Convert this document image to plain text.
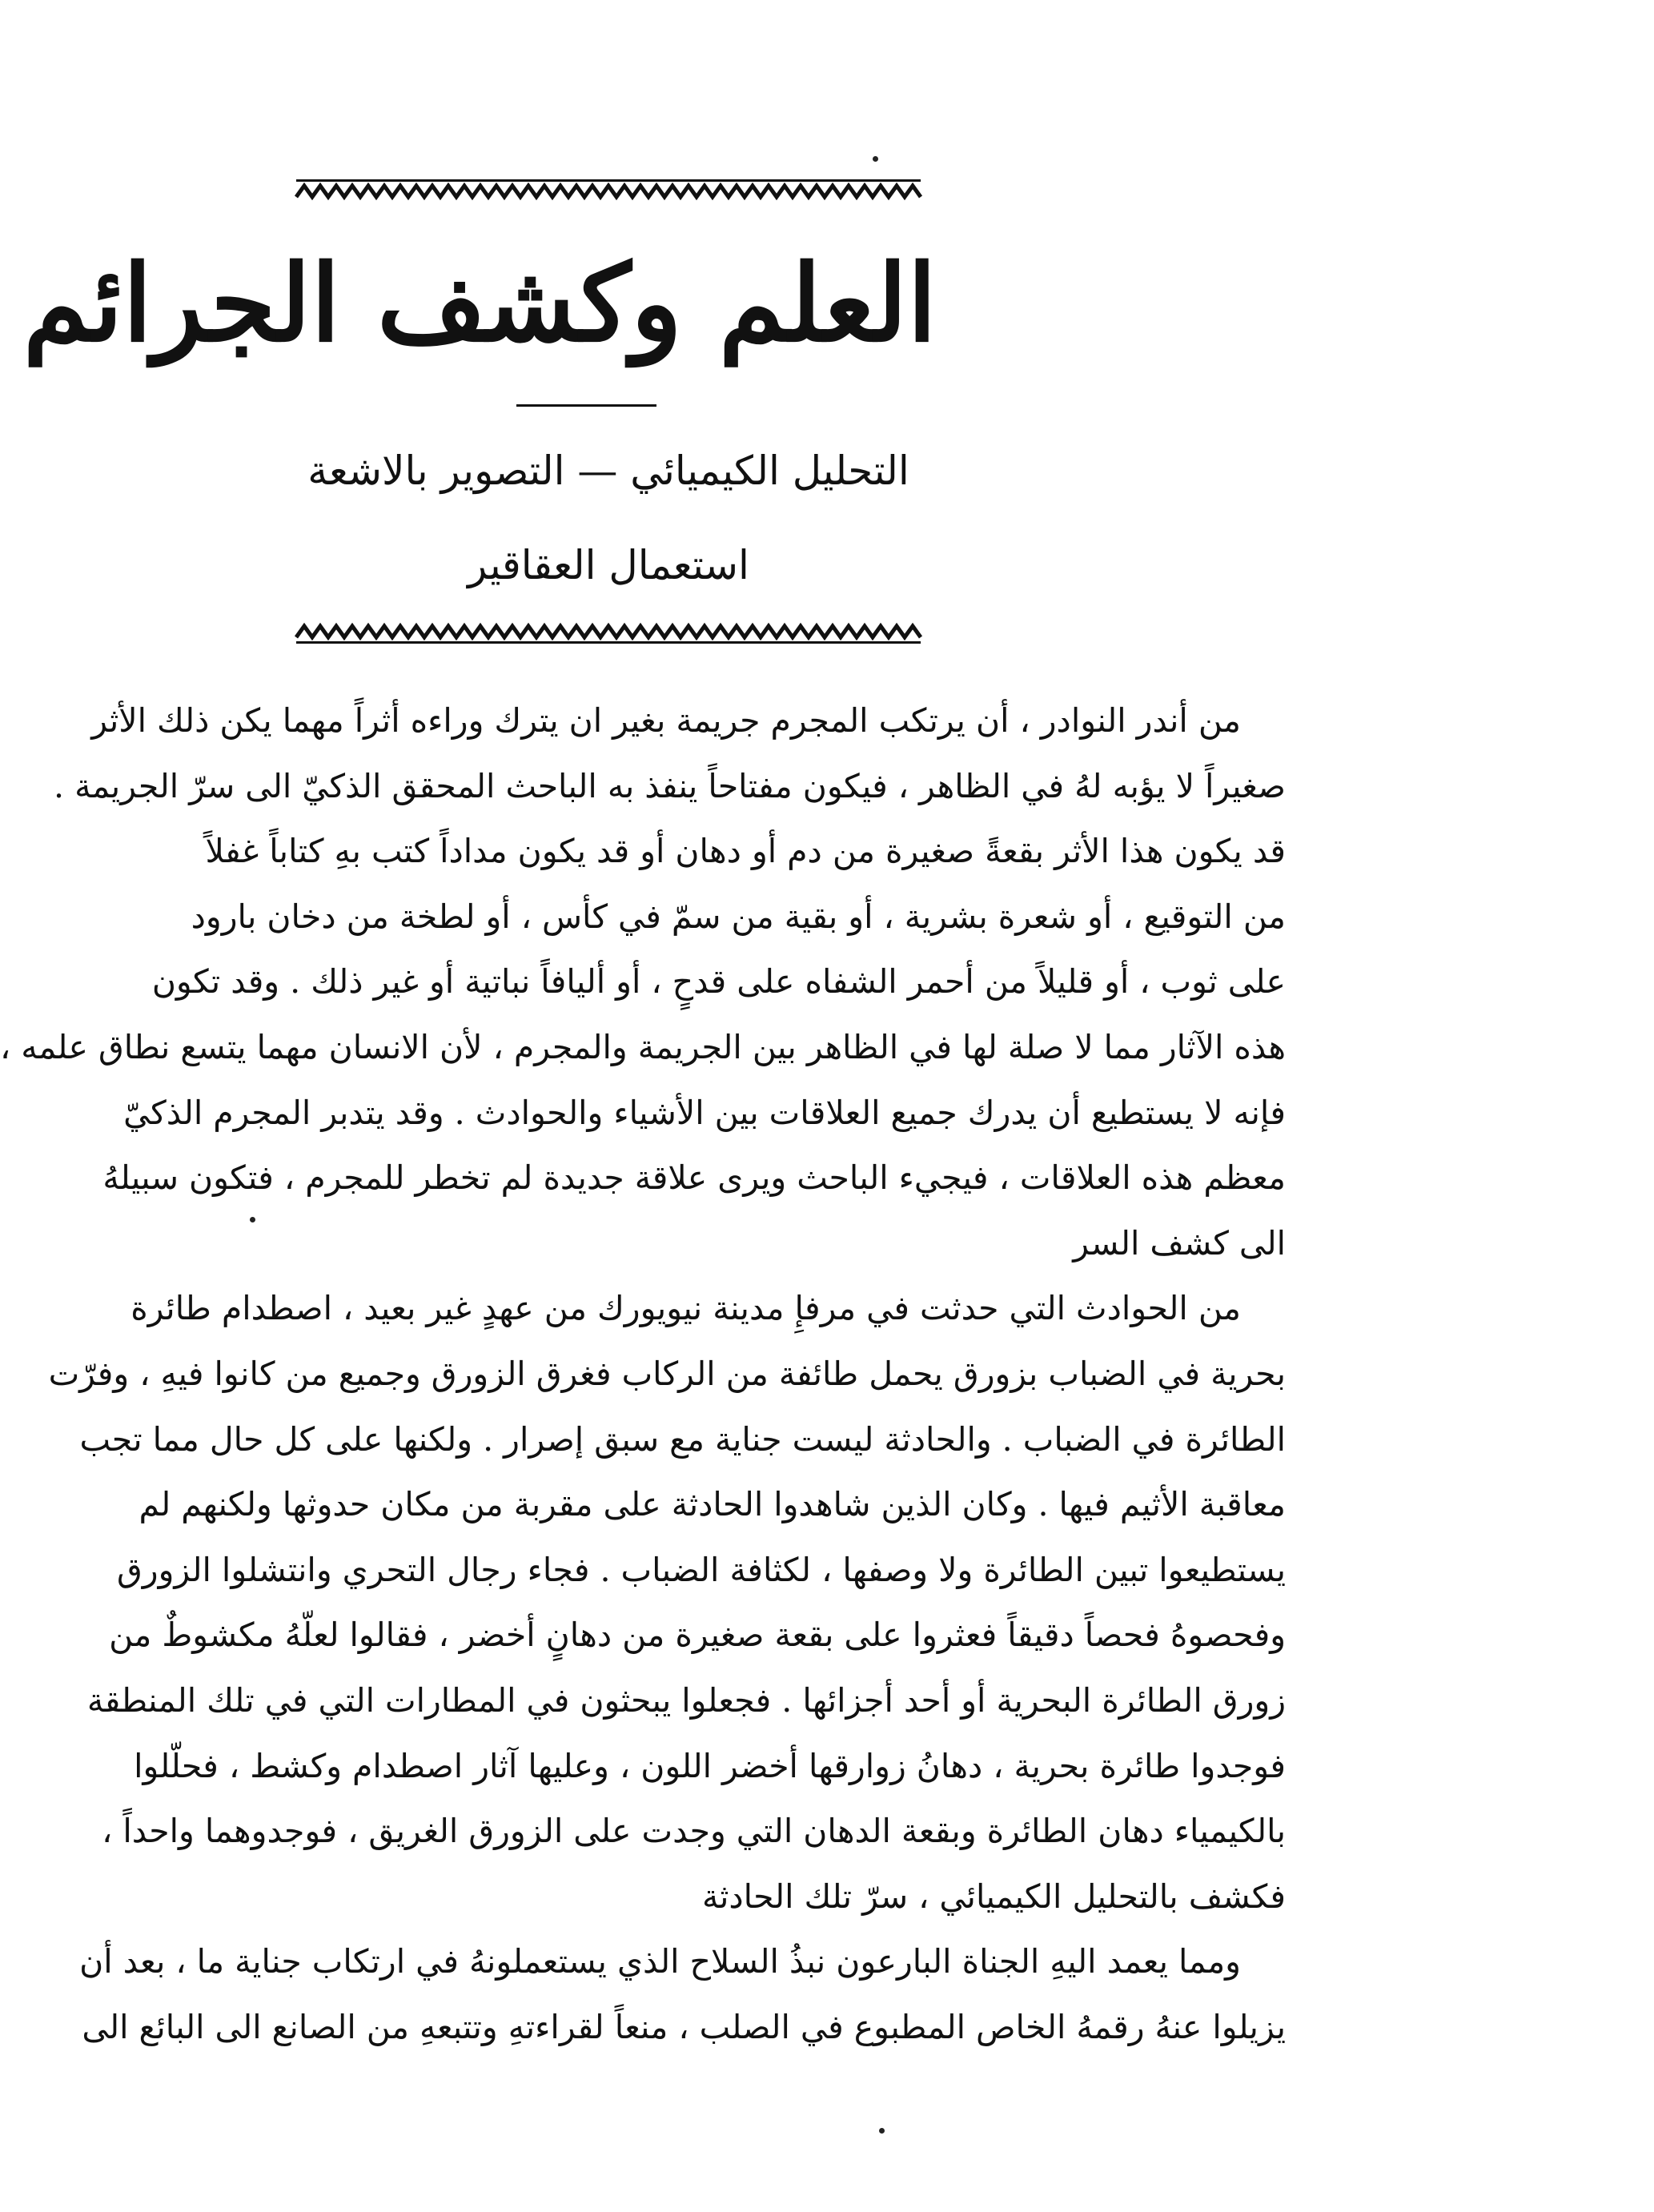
العلم وكشف الجرائم
التحليل الكيميائي — التصوير بالاشعة
استعمال العقاقير
من أندر النوادر ، أن يرتكب المجرم جريمة بغير ان يترك وراءه أثراً مهما يكن ذلك الأثر
صغيراً لا يؤبه لهُ في الظاهر ، فيكون مفتاحاً ينفذ به الباحث المحقق الذكيّ الى سرّ الجريمة .
قد يكون هذا الأثر بقعةً صغيرة من دم أو دهان أو قد يكون مداداً كتب بهِ كتاباً غفلاً
من التوقيع ، أو شعرة بشرية ، أو بقية من سمّ في كأس ، أو لطخة من دخان بارود
على ثوب ، أو قليلاً من أحمر الشفاه على قدحٍ ، أو أليافاً نباتية أو غير ذلك . وقد تكون
هذه الآثار مما لا صلة لها في الظاهر بين الجريمة والمجرم ، لأن الانسان مهما يتسع نطاق علمه ،
فإنه لا يستطيع أن يدرك جميع العلاقات بين الأشياء والحوادث . وقد يتدبر المجرم الذكيّ
معظم هذه العلاقات ، فيجيء الباحث ويرى علاقة جديدة لم تخطر للمجرم ، فتكون سبيلهُ
الى كشف السر
من الحوادث التي حدثت في مرفإِ مدينة نيويورك من عهدٍ غير بعيد ، اصطدام طائرة
بحرية في الضباب بزورق يحمل طائفة من الركاب فغرق الزورق وجميع من كانوا فيهِ ، وفرّت
الطائرة في الضباب . والحادثة ليست جناية مع سبق إصرار . ولكنها على كل حال مما تجب
معاقبة الأثيم فيها . وكان الذين شاهدوا الحادثة على مقربة من مكان حدوثها ولكنهم لم
يستطيعوا تبين الطائرة ولا وصفها ، لكثافة الضباب . فجاء رجال التحري وانتشلوا الزورق
وفحصوهُ فحصاً دقيقاً فعثروا على بقعة صغيرة من دهانٍ أخضر ، فقالوا لعلّهُ مكشوطٌ من
زورق الطائرة البحرية أو أحد أجزائها . فجعلوا يبحثون في المطارات التي في تلك المنطقة
فوجدوا طائرة بحرية ، دهانُ زوارقها أخضر اللون ، وعليها آثار اصطدام وكشط ، فحلّلوا
بالكيمياء دهان الطائرة وبقعة الدهان التي وجدت على الزورق الغريق ، فوجدوهما واحداً ،
فكشف بالتحليل الكيميائي ، سرّ تلك الحادثة
ومما يعمد اليهِ الجناة البارعون نبذُ السلاح الذي يستعملونهُ في ارتكاب جناية ما ، بعد أن
يزيلوا عنهُ رقمهُ الخاص المطبوع في الصلب ، منعاً لقراءتهِ وتتبعهِ من الصانع الى البائع الى
